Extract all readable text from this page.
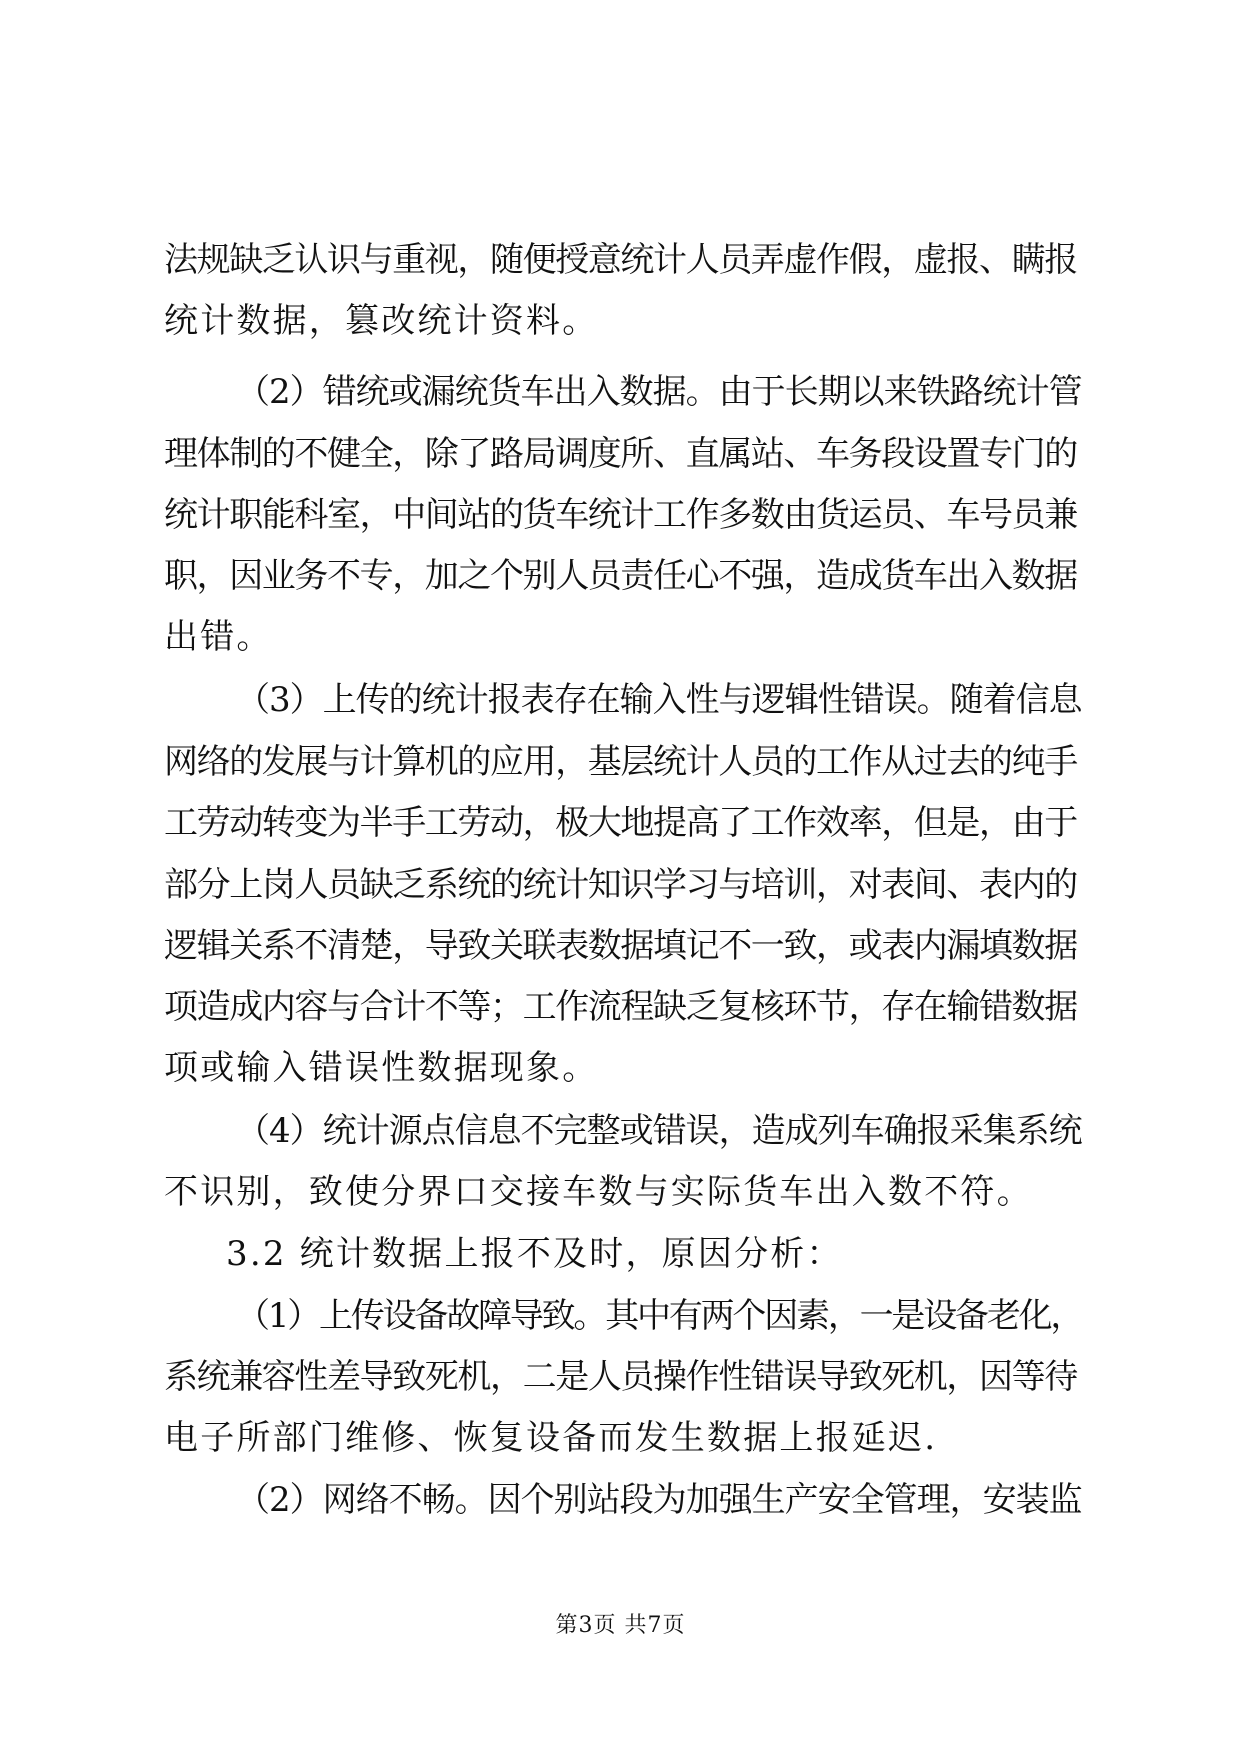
法规缺乏认识与重视，随便授意统计人员弄虚作假，虚报、瞒报
统计数据，篡改统计资料。
（2）错统或漏统货车出入数据。由于长期以来铁路统计管
理体制的不健全，除了路局调度所、直属站、车务段设置专门的
统计职能科室，中间站的货车统计工作多数由货运员、车号员兼
职，因业务不专，加之个别人员责任心不强，造成货车出入数据
出错。
（3）上传的统计报表存在输入性与逻辑性错误。随着信息
网络的发展与计算机的应用，基层统计人员的工作从过去的纯手
工劳动转变为半手工劳动，极大地提高了工作效率，但是，由于
部分上岗人员缺乏系统的统计知识学习与培训，对表间、表内的
逻辑关系不清楚，导致关联表数据填记不一致，或表内漏填数据
项造成内容与合计不等；工作流程缺乏复核环节，存在输错数据
项或输入错误性数据现象。
（4）统计源点信息不完整或错误，造成列车确报采集系统
不识别，致使分界口交接车数与实际货车出入数不符。
3.2 统计数据上报不及时，原因分析：
（1）上传设备故障导致。其中有两个因素，一是设备老化，
系统兼容性差导致死机，二是人员操作性错误导致死机，因等待
电子所部门维修、恢复设备而发生数据上报延迟.
（2）网络不畅。因个别站段为加强生产安全管理，安装监
第3页 共7页
